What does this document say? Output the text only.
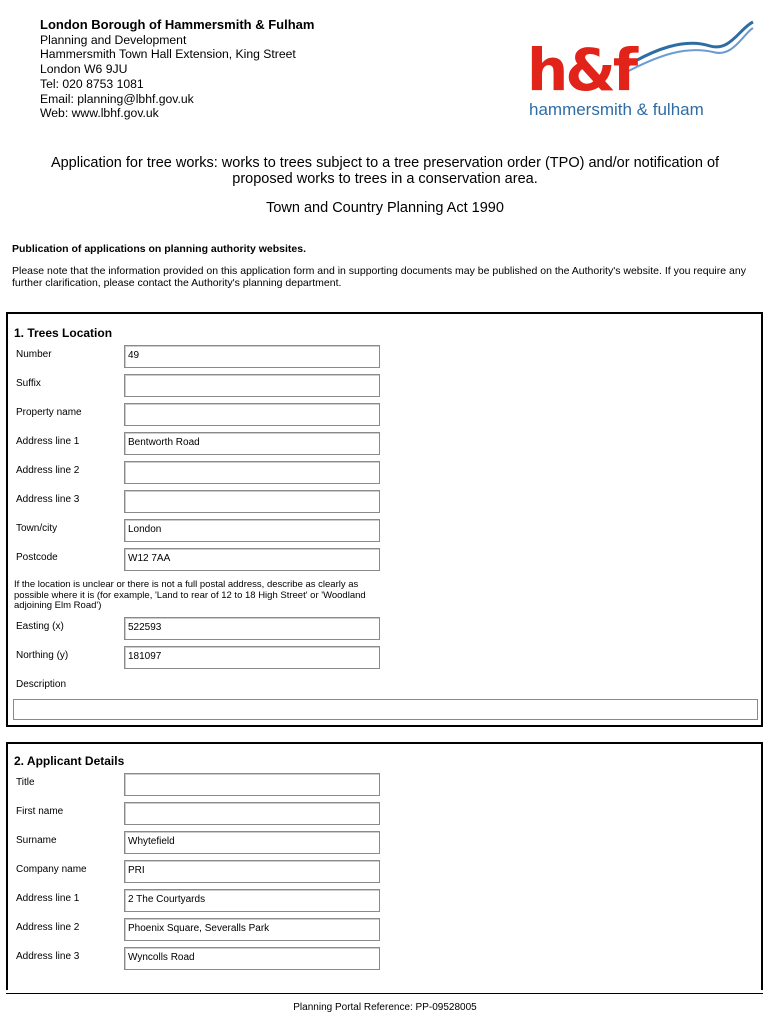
London Borough of Hammersmith & Fulham
Planning and Development
Hammersmith Town Hall Extension, King Street
London W6 9JU
Tel: 020 8753 1081
Email: planning@lbhf.gov.uk
Web: www.lbhf.gov.uk
h&f
hammersmith & fulham
Application for tree works: works to trees subject to a tree preservation order (TPO) and/or notification of proposed works to trees in a conservation area.
Town and Country Planning Act 1990
Publication of applications on planning authority websites.
Please note that the information provided on this application form and in supporting documents may be published on the Authority's website. If you require any further clarification, please contact the Authority's planning department.
1. Trees Location
Number	49
Suffix
Property name
Address line 1	Bentworth Road
Address line 2
Address line 3
Town/city	London
Postcode	W12 7AA
If the location is unclear or there is not a full postal address, describe as clearly as possible where it is (for example, 'Land to rear of 12 to 18 High Street' or 'Woodland adjoining Elm Road')
Easting (x)	522593
Northing (y)	181097
Description
2. Applicant Details
Title
First name
Surname	Whytefield
Company name	PRI
Address line 1	2 The Courtyards
Address line 2	Phoenix Square, Severalls Park
Address line 3	Wyncolls Road
Planning Portal Reference: PP-09528005
